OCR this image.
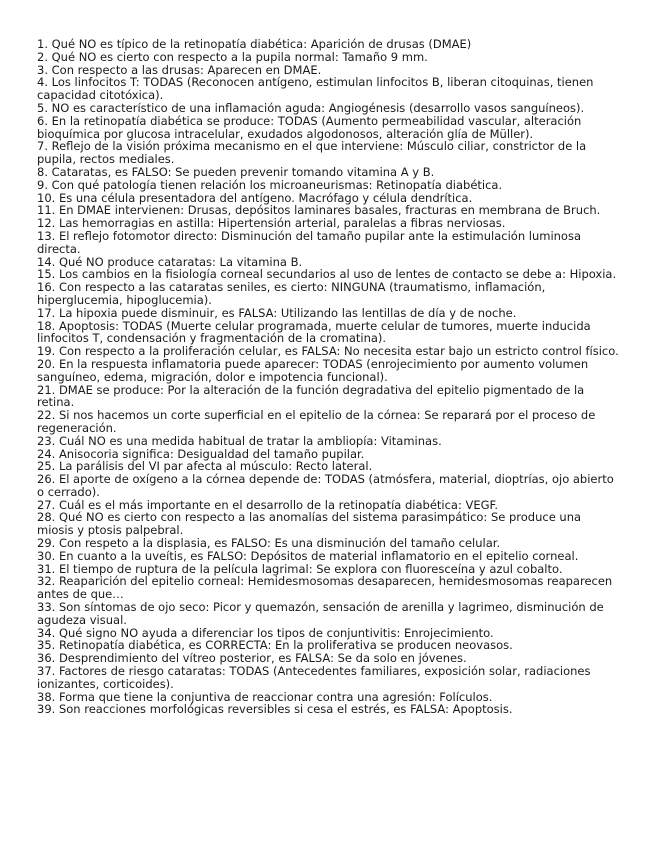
1. Qué NO es típico de la retinopatía diabética: Aparición de drusas (DMAE)

2. Qué NO es cierto con respecto a la pupila normal: Tamaño 9 mm.

3. Con respecto a las drusas: Aparecen en DMAE.

4. Los linfocitos T: TODAS (Reconocen antígeno, estimulan linfocitos B, liberan citoquinas, tienen capacidad citotóxica).

5. NO es característico de una inflamación aguda: Angiogénesis (desarrollo vasos sanguíneos).

6. En la retinopatía diabética se produce: TODAS (Aumento permeabilidad vascular, alteración bioquímica por glucosa intracelular, exudados algodonosos, alteración glía de Müller).

7. Reflejo de la visión próxima mecanismo en el que interviene: Músculo ciliar, constrictor de la pupila, rectos mediales.

8. Cataratas, es FALSO: Se pueden prevenir tomando vitamina A y B.

9. Con qué patología tienen relación los microaneurismas: Retinopatía diabética.

10. Es una célula presentadora del antígeno. Macrófago y célula dendrítica.

11. En DMAE intervienen: Drusas, depósitos laminares basales, fracturas en membrana de Bruch.

12. Las hemorragias en astilla: Hipertensión arterial, paralelas a fibras nerviosas.

13. El reflejo fotomotor directo: Disminución del tamaño pupilar ante la estimulación luminosa directa.

14. Qué NO produce cataratas: La vitamina B.

15. Los cambios en la fisiología corneal secundarios al uso de lentes de contacto se debe a: Hipoxia.

16. Con respecto a las cataratas seniles, es cierto: NINGUNA (traumatismo, inflamación, hiperglucemia, hipoglucemia).

17. La hipoxia puede disminuir, es FALSA: Utilizando las lentillas de día y de noche.

18. Apoptosis: TODAS (Muerte celular programada, muerte celular de tumores, muerte inducida linfocitos T, condensación y fragmentación de la cromatina).

19. Con respecto a la proliferación celular, es FALSA: No necesita estar bajo un estricto control físico.

20. En la respuesta inflamatoria puede aparecer: TODAS (enrojecimiento por aumento volumen sanguíneo, edema, migración, dolor e impotencia funcional).

21. DMAE se produce: Por la alteración de la función degradativa del epitelio pigmentado de la retina.

22. Si nos hacemos un corte superficial en el epitelio de la córnea: Se reparará por el proceso de regeneración.

23. Cuál NO es una medida habitual de tratar la ambliopía: Vitaminas.

24. Anisocoria significa: Desigualdad del tamaño pupilar.

25. La parálisis del VI par afecta al músculo: Recto lateral.

26. El aporte de oxígeno a la córnea depende de: TODAS (atmósfera, material, dioptrías, ojo abierto o cerrado).

27. Cuál es el más importante en el desarrollo de la retinopatía diabética: VEGF.

28. Qué NO es cierto con respecto a las anomalías del sistema parasimpático: Se produce una miosis y ptosis palpebral.

29. Con respeto a la displasia, es FALSO: Es una disminución del tamaño celular.

30. En cuanto a la uveítis, es FALSO: Depósitos de material inflamatorio en el epitelio corneal.

31. El tiempo de ruptura de la película lagrimal: Se explora con fluoresceína y azul cobalto.

32. Reaparición del epitelio corneal: Hemidesmosomas desaparecen, hemidesmosomas reaparecen antes de que…

33. Son síntomas de ojo seco: Picor y quemazón, sensación de arenilla y lagrimeo, disminución de agudeza visual.

34. Qué signo NO ayuda a diferenciar los tipos de conjuntivitis: Enrojecimiento.

35. Retinopatía diabética, es CORRECTA: En la proliferativa se producen neovasos.

36. Desprendimiento del vítreo posterior, es FALSA: Se da solo en jóvenes.

37. Factores de riesgo cataratas: TODAS (Antecedentes familiares, exposición solar, radiaciones ionizantes, corticoides).

38. Forma que tiene la conjuntiva de reaccionar contra una agresión: Folículos.

39. Son reacciones morfológicas reversibles si cesa el estrés, es FALSA: Apoptosis.
